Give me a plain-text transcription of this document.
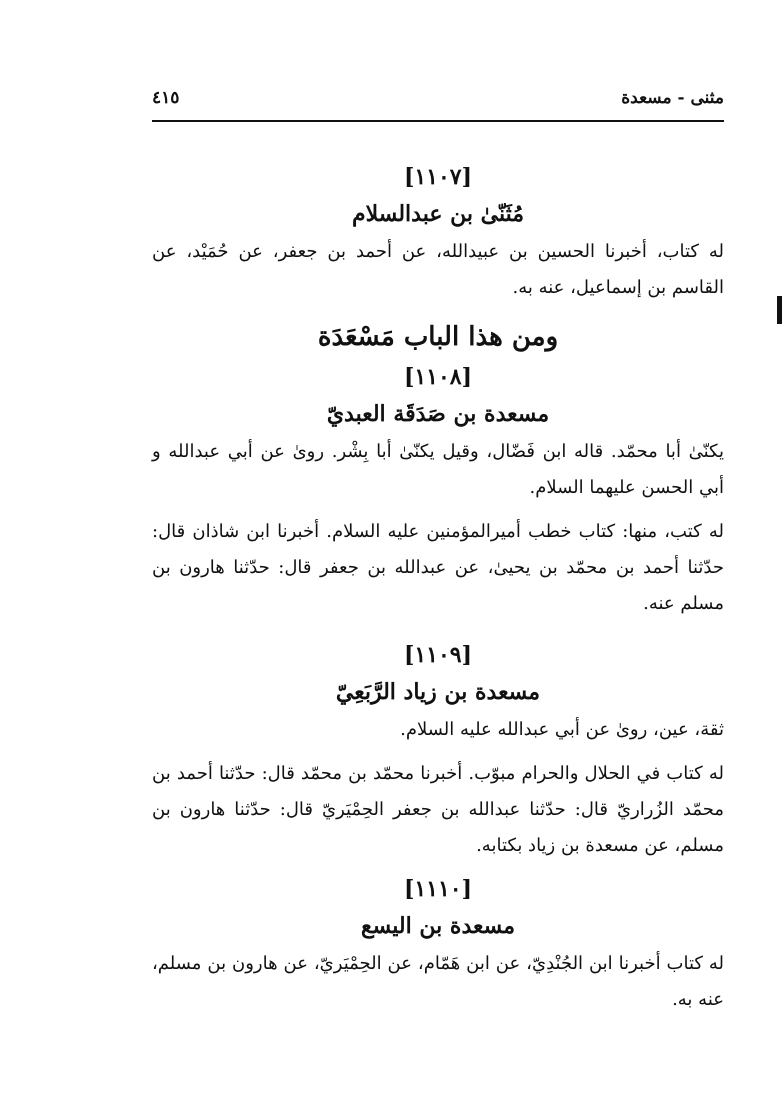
مثنى - مسعدة
٤١٥
[١١٠٧]
مُثَنّىٰ بن عبدالسلام

له كتاب، أخبرنا الحسين بن عبيدالله، عن أحمد بن جعفر، عن حُمَيْد، عن القاسم بن إسماعيل، عنه به.

ومن هذا الباب مَسْعَدَة
[١١٠٨]
مسعدة بن صَدَقَة العبديّ

يكنّىٰ أبا محمّد. قاله ابن فَضّال، وقيل يكنّىٰ أبا بِشْر. روىٰ عن أبي عبدالله و أبي الحسن عليهما السلام.

له كتب، منها: كتاب خطب أميرالمؤمنين عليه السلام. أخبرنا ابن شاذان قال: حدّثنا أحمد بن محمّد بن يحيىٰ، عن عبدالله بن جعفر قال: حدّثنا هارون بن مسلم عنه.

[١١٠٩]
مسعدة بن زياد الرَّبَعِيّ

ثقة، عين، روىٰ عن أبي عبدالله عليه السلام.

له كتاب في الحلال والحرام مبوّب. أخبرنا محمّد بن محمّد قال: حدّثنا أحمد بن محمّد الزُراريّ قال: حدّثنا عبدالله بن جعفر الحِمْيَريّ قال: حدّثنا هارون بن مسلم، عن مسعدة بن زياد بكتابه.

[١١١٠]
مسعدة بن اليسع

له كتاب أخبرنا ابن الجُنْدِيّ، عن ابن هَمّام، عن الحِمْيَريّ، عن هارون بن مسلم، عنه به.
